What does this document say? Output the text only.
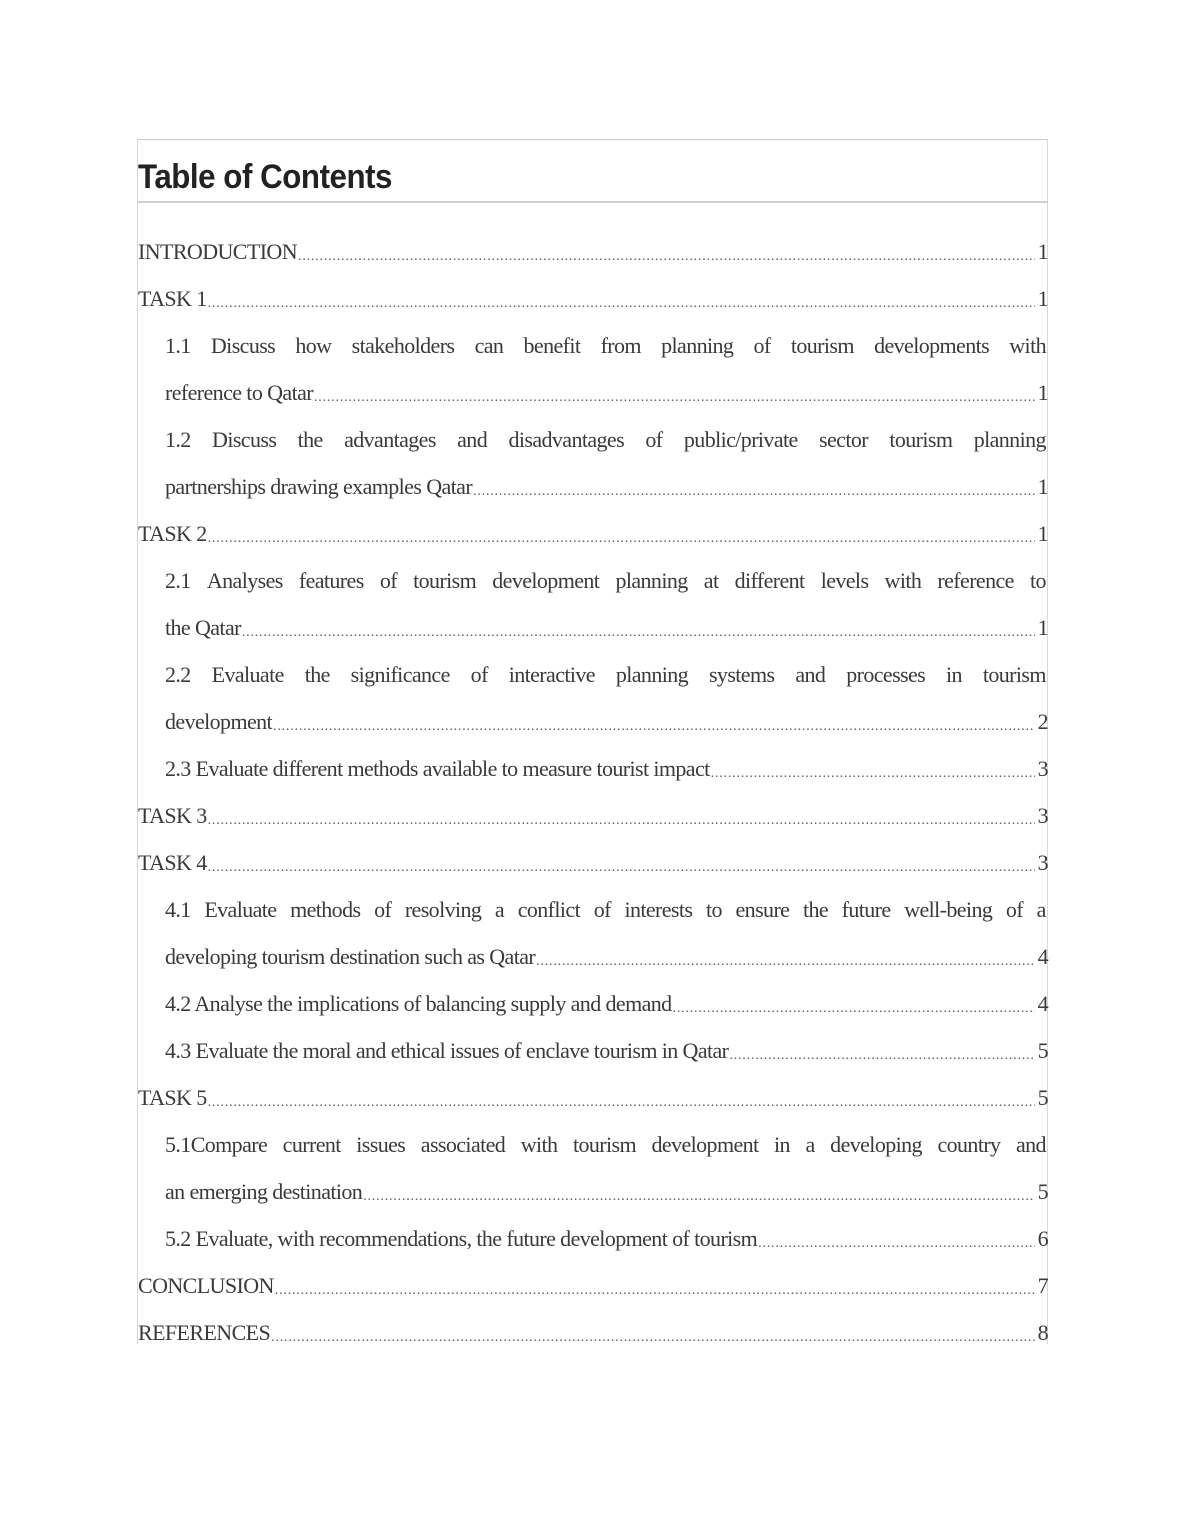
Table of Contents
INTRODUCTION .....	1
TASK 1 .....	1
1.1 Discuss how stakeholders can benefit from planning of tourism developments with
reference to Qatar .....	1
1.2 Discuss the advantages and disadvantages of public/private sector tourism planning
partnerships drawing examples Qatar .....	1
TASK 2 .....	1
2.1 Analyses features of tourism development planning at different levels with reference to
the Qatar .....	1
2.2 Evaluate the significance of interactive planning systems and processes in tourism
development .....	2
2.3 Evaluate different methods available to measure tourist impact .....	3
TASK 3 .....	3
TASK 4 .....	3
4.1 Evaluate methods of resolving a conflict of interests to ensure the future well-being of a
developing tourism destination such as Qatar .....	4
4.2 Analyse the implications of balancing supply and demand .....	4
4.3 Evaluate the moral and ethical issues of enclave tourism in Qatar .....	5
TASK 5 .....	5
5.1Compare current issues associated with tourism development in a developing country and
an emerging destination .....	5
5.2 Evaluate, with recommendations, the future development of tourism .....	6
CONCLUSION .....	7
REFERENCES .....	8
